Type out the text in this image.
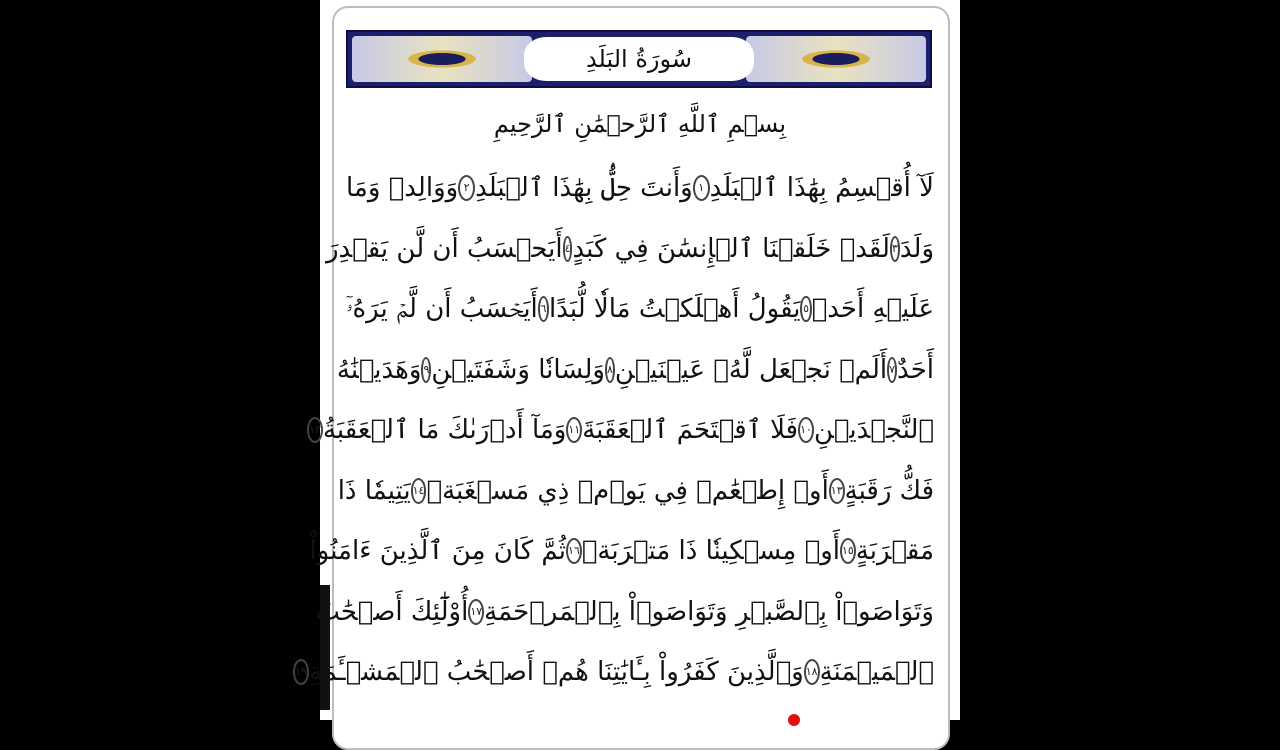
سُورَةُ البَلَدِ
بِسۡمِ ٱللَّهِ ٱلرَّحۡمَٰنِ ٱلرَّحِيمِ
لَآ أُقۡسِمُ بِهَٰذَا ٱلۡبَلَدِ
١
وَأَنتَ حِلُّۢ بِهَٰذَا ٱلۡبَلَدِ
٢
وَوَالِدٖ وَمَا
وَلَدَ
٣
لَقَدۡ خَلَقۡنَا ٱلۡإِنسَٰنَ فِي كَبَدٍ
٤
أَيَحۡسَبُ أَن لَّن يَقۡدِرَ
عَلَيۡهِ أَحَدٞ
٥
يَقُولُ أَهۡلَكۡتُ مَالٗا لُّبَدًا
٦
أَيَحۡسَبُ أَن لَّمۡ يَرَهُۥٓ
أَحَدٌ
٧
أَلَمۡ نَجۡعَل لَّهُۥ عَيۡنَيۡنِ
٨
وَلِسَانٗا وَشَفَتَيۡنِ
٩
وَهَدَيۡنَٰهُ
ٱلنَّجۡدَيۡنِ
١٠
فَلَا ٱقۡتَحَمَ ٱلۡعَقَبَةَ
١١
وَمَآ أَدۡرَىٰكَ مَا ٱلۡعَقَبَةُ
١٢
فَكُّ رَقَبَةٍ
١٣
أَوۡ إِطۡعَٰمٞ فِي يَوۡمٖ ذِي مَسۡغَبَةٖ
١٤
يَتِيمٗا ذَا
مَقۡرَبَةٍ
١٥
أَوۡ مِسۡكِينٗا ذَا مَتۡرَبَةٖ
١٦
ثُمَّ كَانَ مِنَ ٱلَّذِينَ ءَامَنُواْ
وَتَوَاصَوۡاْ بِٱلصَّبۡرِ وَتَوَاصَوۡاْ بِٱلۡمَرۡحَمَةِ
١٧
أُوْلَٰٓئِكَ أَصۡحَٰبُ
ٱلۡمَيۡمَنَةِ
١٨
وَٱلَّذِينَ كَفَرُواْ بِـَٔايَٰتِنَا هُمۡ أَصۡحَٰبُ ٱلۡمَشۡـَٔمَةِ
١٩
